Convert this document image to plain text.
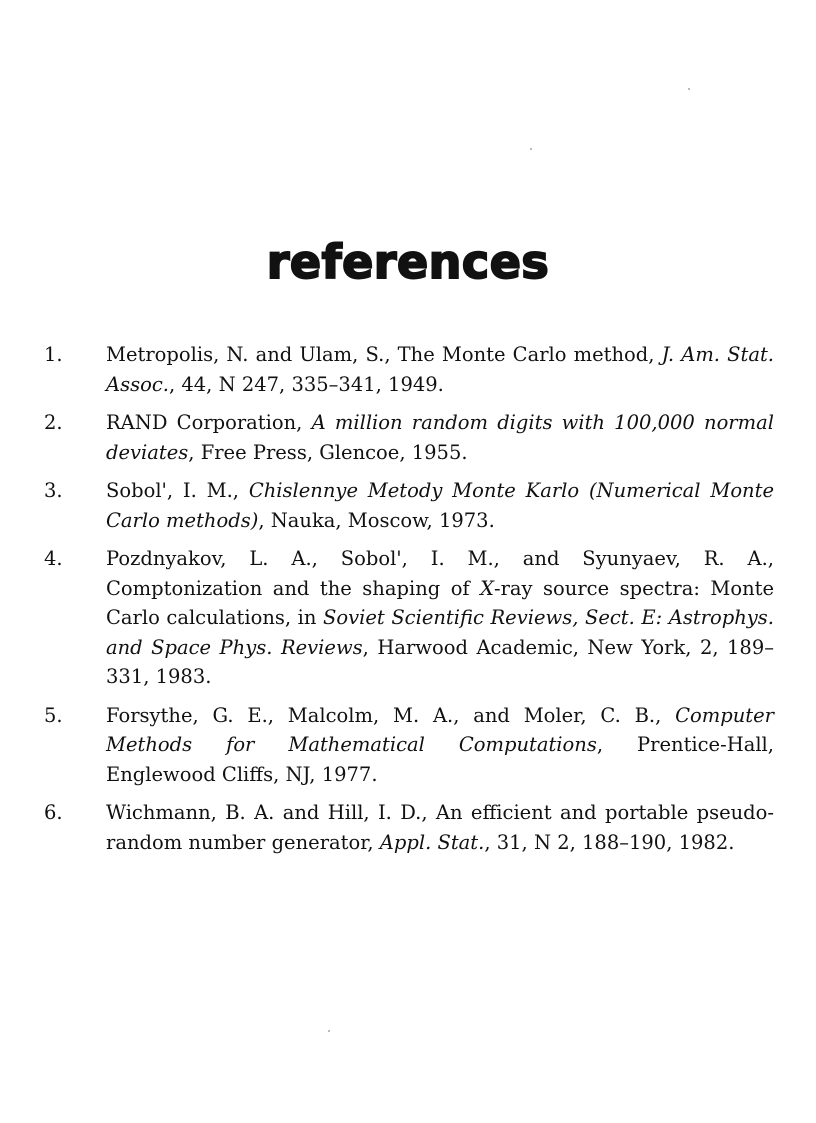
references
1.	Metropolis, N. and Ulam, S., The Monte Carlo method, J. Am. Stat. Assoc., 44, N 247, 335–341, 1949.
2.	RAND Corporation, A million random digits with 100,000 normal deviates, Free Press, Glencoe, 1955.
3.	Sobol', I. M., Chislennye Metody Monte Karlo (Numerical Monte Carlo methods), Nauka, Moscow, 1973.
4.	Pozdnyakov, L. A., Sobol', I. M., and Syunyaev, R. A., Comptonization and the shaping of X-ray source spectra: Monte Carlo calculations, in Soviet Scientific Reviews, Sect. E: Astrophys. and Space Phys. Reviews, Harwood Academic, New York, 2, 189–331, 1983.
5.	Forsythe, G. E., Malcolm, M. A., and Moler, C. B., Computer Methods for Mathematical Computations, Prentice-Hall, Englewood Cliffs, NJ, 1977.
6.	Wichmann, B. A. and Hill, I. D., An efficient and portable pseudo-random number generator, Appl. Stat., 31, N 2, 188–190, 1982.
